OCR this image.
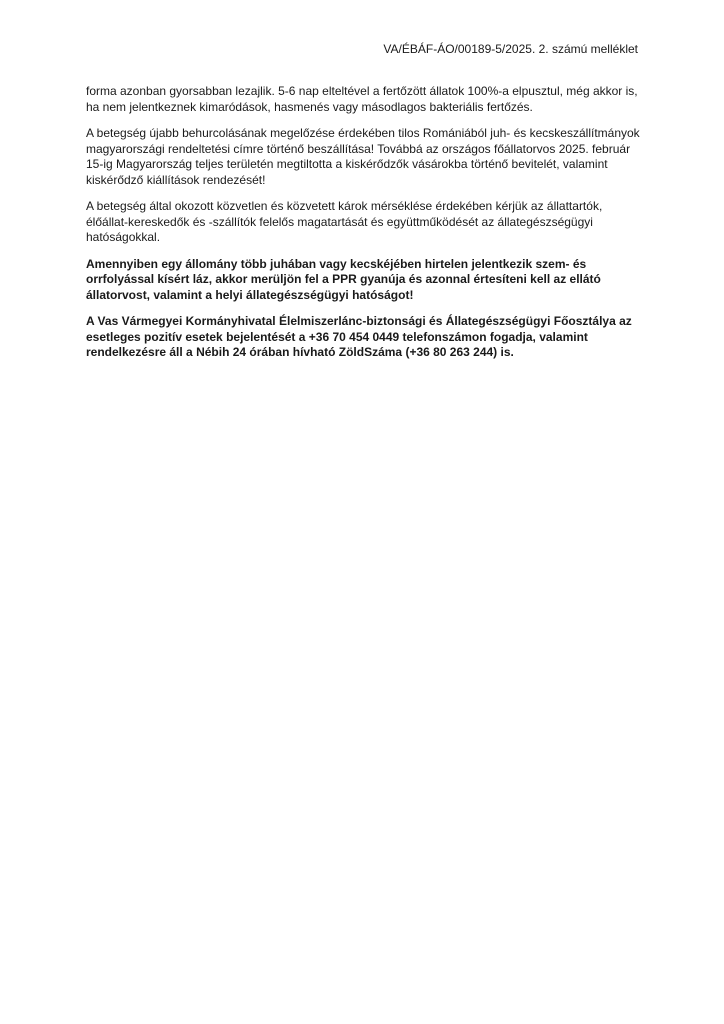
VA/ÉBÁF-ÁO/00189-5/2025. 2. számú melléklet

forma azonban gyorsabban lezajlik. 5-6 nap elteltével a fertőzött állatok 100%-a elpusztul, még akkor is, ha nem jelentkeznek kimaródások, hasmenés vagy másodlagos bakteriális fertőzés.

A betegség újabb behurcolásának megelőzése érdekében tilos Romániából juh- és kecskeszállítmányok magyarországi rendeltetési címre történő beszállítása! Továbbá az országos főállatorvos 2025. február 15-ig Magyarország teljes területén megtiltotta a kiskérődzők vásárokba történő bevitelét, valamint kiskérődző kiállítások rendezését!

A betegség által okozott közvetlen és közvetett károk mérséklése érdekében kérjük az állattartók, élőállat-kereskedők és -szállítók felelős magatartását és együttműködését az állategészségügyi hatóságokkal.

Amennyiben egy állomány több juhában vagy kecskéjében hirtelen jelentkezik szem- és orrfolyással kísért láz, akkor merüljön fel a PPR gyanúja és azonnal értesíteni kell az ellátó állatorvost, valamint a helyi állategészségügyi hatóságot!

A Vas Vármegyei Kormányhivatal Élelmiszerlánc-biztonsági és Állategészségügyi Főosztálya az esetleges pozitív esetek bejelentését a +36 70 454 0449 telefonszámon fogadja, valamint rendelkezésre áll a Nébih 24 órában hívható ZöldSzáma (+36 80 263 244) is.
